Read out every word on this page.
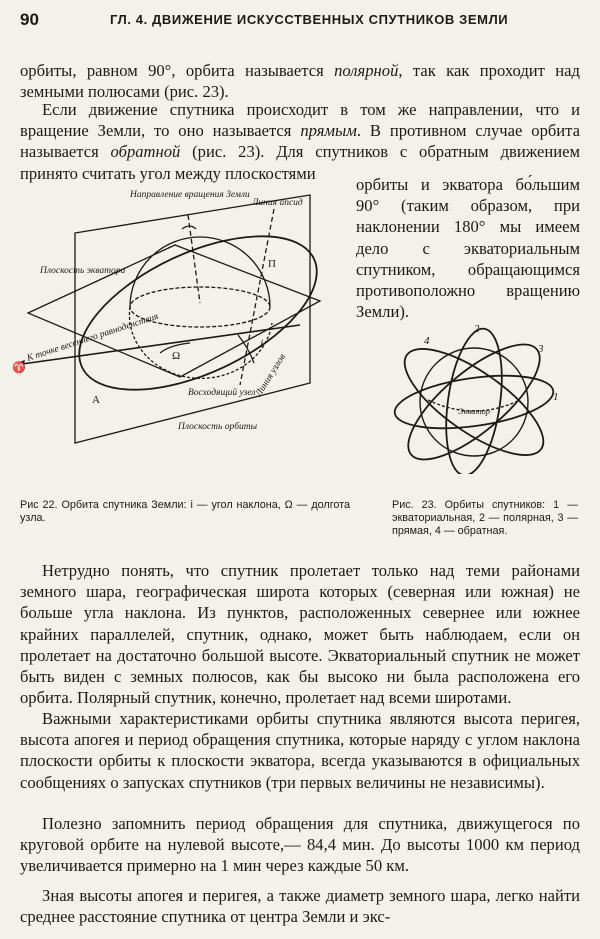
90	ГЛ. 4. ДВИЖЕНИЕ ИСКУССТВЕННЫХ СПУТНИКОВ ЗЕМЛИ

орбиты, равном 90°, орбита называется полярной, так как проходит над земными полюсами (рис. 23).

Если движение спутника происходит в том же направлении, что и вращение Земли, то оно называется прямым. В противном случае орбита называется обратной (рис. 23). Для спутников с обратным движением принято считать угол между плоскостями

орбиты и экватора бо́льшим 90° (таким образом, при наклонении 180° мы имеем дело с экваториальным спутником, обращающимся противоположно вращению Земли).

Направление вращения Земли
Линия апсид
Плоскость экватора
К точке весеннего равноденствия
♈	Линия узлов
Восходящий узел
Плоскость орбиты
П
А
i
Ω

Рис 22. Орбита спутника Земли: i — угол наклона, Ω — долгота узла.

1
2
3
4
Экватор

Рис. 23. Орбиты спутников: 1 — экваториальная, 2 — полярная, 3 — прямая, 4 — обратная.

Нетрудно понять, что спутник пролетает только над теми районами земного шара, географическая широта которых (северная или южная) не больше угла наклона. Из пунктов, расположенных севернее или южнее крайних параллелей, спутник, однако, может быть наблюдаем, если он пролетает на достаточно большой высоте. Экваториальный спутник не может быть виден с земных полюсов, как бы высоко ни была расположена его орбита. Полярный спутник, конечно, пролетает над всеми широтами.

Важными характеристиками орбиты спутника являются высота перигея, высота апогея и период обращения спутника, которые наряду с углом наклона плоскости орбиты к плоскости экватора, всегда указываются в официальных сообщениях о запусках спутников (три первых величины не независимы).

Полезно запомнить период обращения для спутника, движущегося по круговой орбите на нулевой высоте,— 84,4 мин. До высоты 1000 км период увеличивается примерно на 1 мин через каждые 50 км.

Зная высоты апогея и перигея, а также диаметр земного шара, легко найти среднее расстояние спутника от центра Земли и экс-
